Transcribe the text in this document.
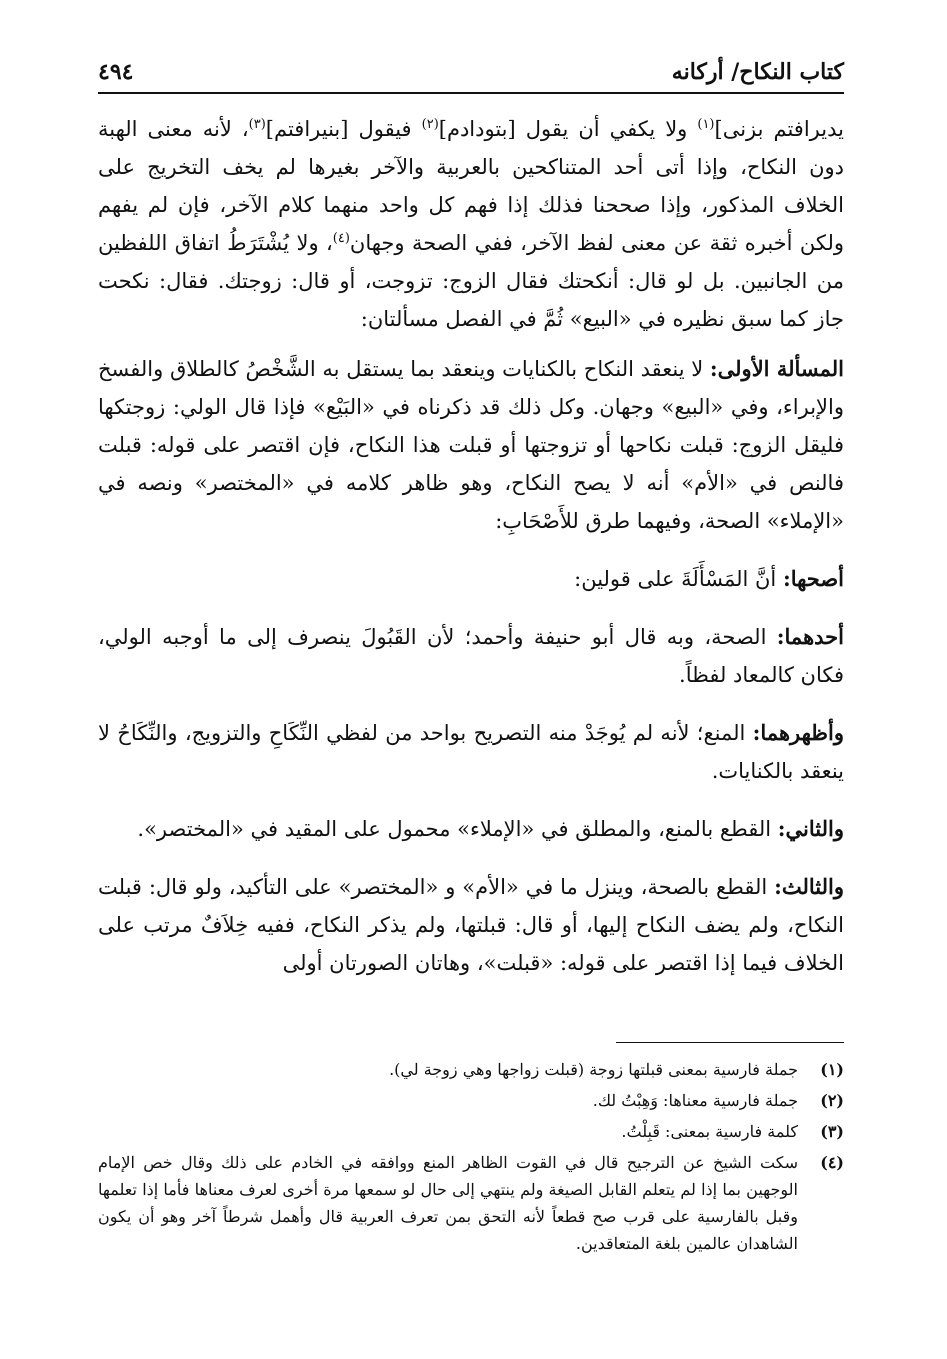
كتاب النكاح/ أركانه
٤٩٤

يديرافتم بزنى]$^{(١)}$ ولا يكفي أن يقول [بتودادم]$^{(٢)}$ فيقول [بنيرافتم]$^{(٣)}$، لأنه معنى الهبة دون النكاح، وإذا أتى أحد المتناكحين بالعربية والآخر بغيرها لم يخف التخريج على الخلاف المذكور، وإذا صححنا فذلك إذا فهم كل واحد منهما كلام الآخر، فإن لم يفهم ولكن أخبره ثقة عن معنى لفظ الآخر، ففي الصحة وجهان$^{(٤)}$، ولا يُشْتَرَطُ اتفاق اللفظين من الجانبين. بل لو قال: أنكحتك فقال الزوج: تزوجت، أو قال: زوجتك. فقال: نكحت جاز كما سبق نظيره في «البيع» ثُمَّ في الفصل مسألتان:

المسألة الأولى: لا ينعقد النكاح بالكنايات وينعقد بما يستقل به الشَّخْصُ كالطلاق والفسخ والإبراء، وفي «البيع» وجهان. وكل ذلك قد ذكرناه في «البَيْع» فإذا قال الولي: زوجتكها فليقل الزوج: قبلت نكاحها أو تزوجتها أو قبلت هذا النكاح، فإن اقتصر على قوله: قبلت فالنص في «الأم» أنه لا يصح النكاح، وهو ظاهر كلامه في «المختصر» ونصه في «الإملاء» الصحة، وفيهما طرق للأَصْحَابِ:

أصحها: أنَّ المَسْأَلَةَ على قولين:

أحدهما: الصحة، وبه قال أبو حنيفة وأحمد؛ لأن القَبُولَ ينصرف إلى ما أوجبه الولي، فكان كالمعاد لفظاً.

وأظهرهما: المنع؛ لأنه لم يُوجَدْ منه التصريح بواحد من لفظي النِّكَاحِ والتزويج، والنِّكَاحُ لا ينعقد بالكنايات.

والثاني: القطع بالمنع، والمطلق في «الإملاء» محمول على المقيد في «المختصر».

والثالث: القطع بالصحة، وينزل ما في «الأم» و «المختصر» على التأكيد، ولو قال: قبلت النكاح، ولم يضف النكاح إليها، أو قال: قبلتها، ولم يذكر النكاح، ففيه خِلاَفٌ مرتب على الخلاف فيما إذا اقتصر على قوله: «قبلت»، وهاتان الصورتان أولى

(١)
جملة فارسية بمعنى قبلتها زوجة (قبلت زواجها وهي زوجة لي).
(٢)
جملة فارسية معناها: وَهِبْتُ لك.
(٣)
كلمة فارسية بمعنى: قَبِلْتُ.
(٤)
سكت الشيخ عن الترجيح قال في القوت الظاهر المنع ووافقه في الخادم على ذلك وقال خص الإمام الوجهين بما إذا لم يتعلم القابل الصيغة ولم ينتهي إلى حال لو سمعها مرة أخرى لعرف معناها فأما إذا تعلمها وقبل بالفارسية على قرب صح قطعاً لأنه التحق بمن تعرف العربية قال وأهمل شرطاً آخر وهو أن يكون الشاهدان عالمين بلغة المتعاقدين.
